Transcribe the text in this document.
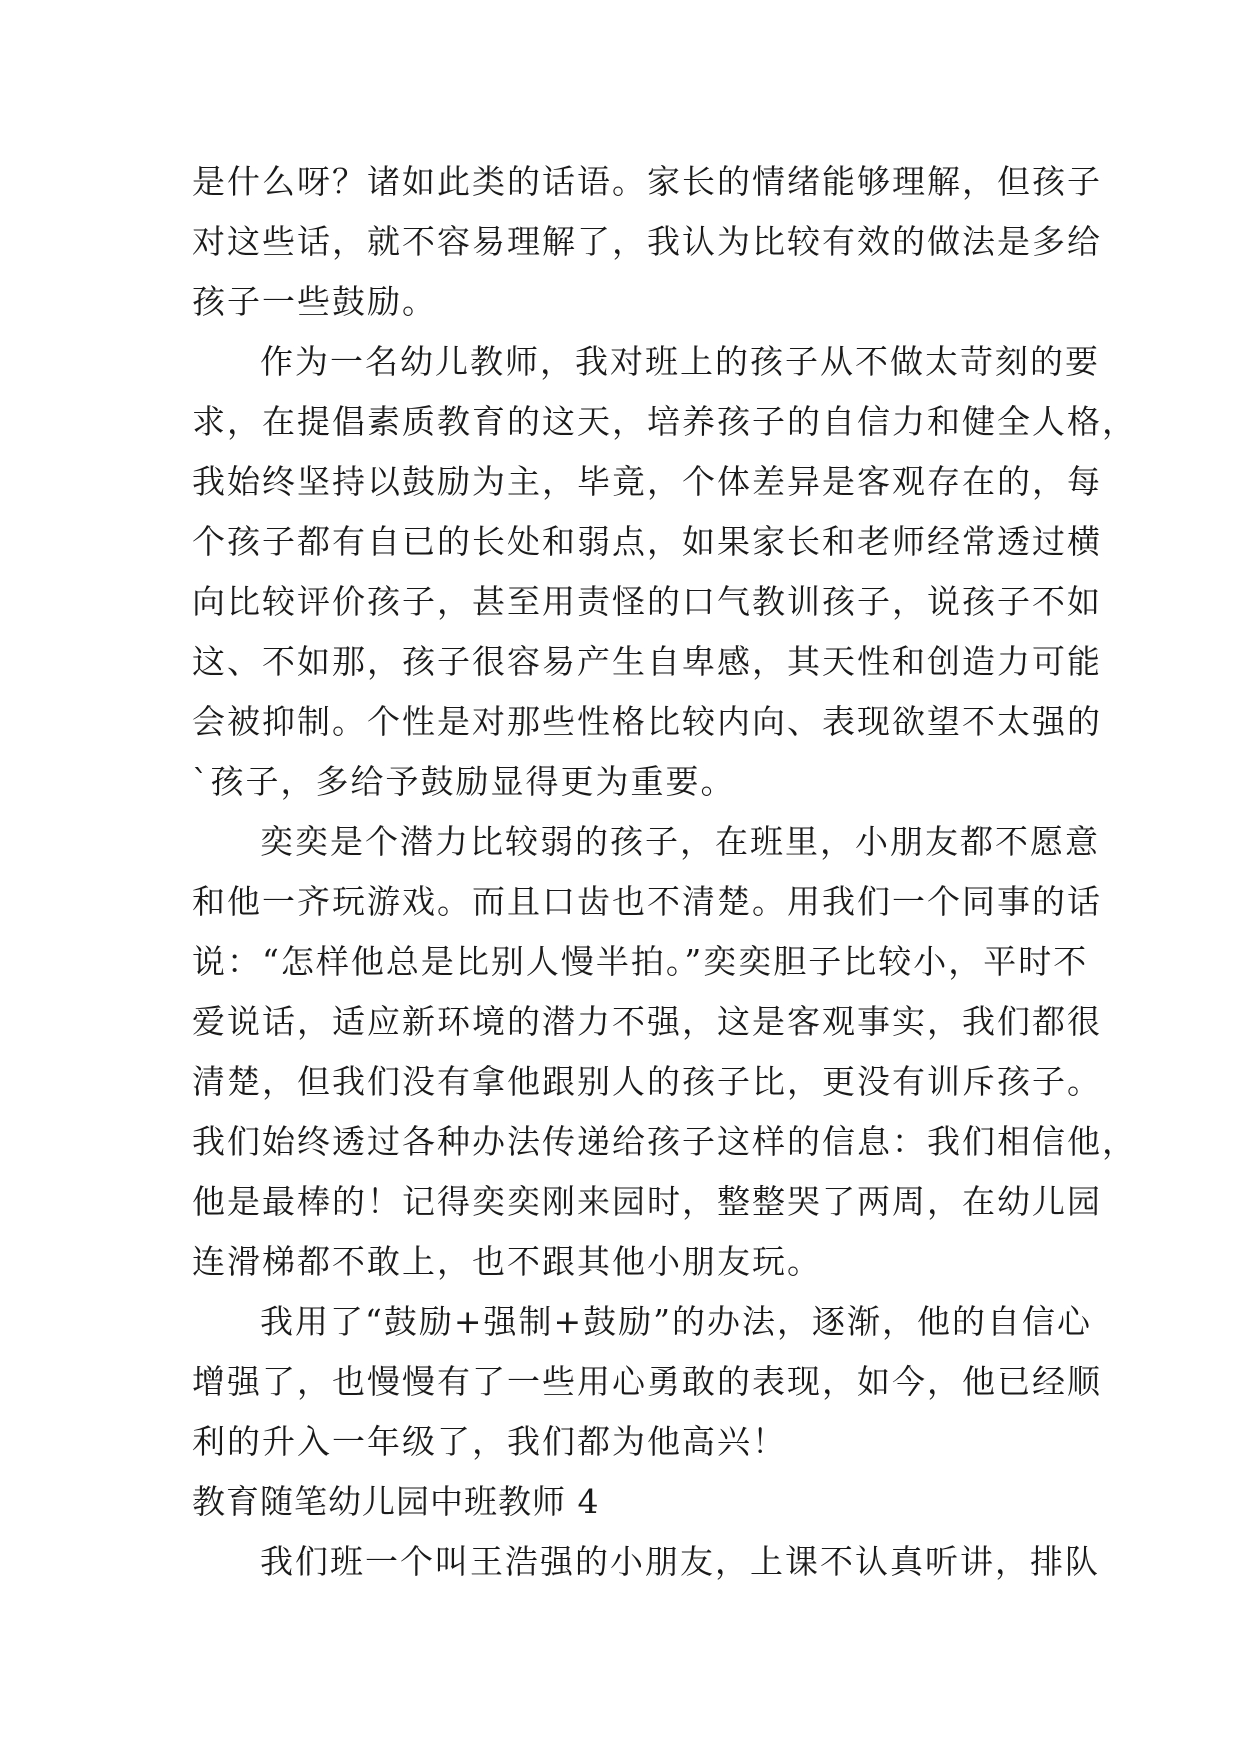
是什么呀？诸如此类的话语。家长的情绪能够理解，但孩子
对这些话，就不容易理解了，我认为比较有效的做法是多给
孩子一些鼓励。
作为一名幼儿教师，我对班上的孩子从不做太苛刻的要
求，在提倡素质教育的这天，培养孩子的自信力和健全人格，
我始终坚持以鼓励为主，毕竟，个体差异是客观存在的，每
个孩子都有自已的长处和弱点，如果家长和老师经常透过横
向比较评价孩子，甚至用责怪的口气教训孩子，说孩子不如
这、不如那，孩子很容易产生自卑感，其天性和创造力可能
会被抑制。个性是对那些性格比较内向、表现欲望不太强的
`孩子，多给予鼓励显得更为重要。
奕奕是个潜力比较弱的孩子，在班里，小朋友都不愿意
和他一齐玩游戏。而且口齿也不清楚。用我们一个同事的话
说：“怎样他总是比别人慢半拍。”奕奕胆子比较小，平时不
爱说话，适应新环境的潜力不强，这是客观事实，我们都很
清楚，但我们没有拿他跟别人的孩子比，更没有训斥孩子。
我们始终透过各种办法传递给孩子这样的信息：我们相信他，
他是最棒的！记得奕奕刚来园时，整整哭了两周，在幼儿园
连滑梯都不敢上，也不跟其他小朋友玩。
我用了“鼓励+强制+鼓励”的办法，逐渐，他的自信心
增强了，也慢慢有了一些用心勇敢的表现，如今，他已经顺
利的升入一年级了，我们都为他高兴！
教育随笔幼儿园中班教师 4
我们班一个叫王浩强的小朋友，上课不认真听讲，排队
